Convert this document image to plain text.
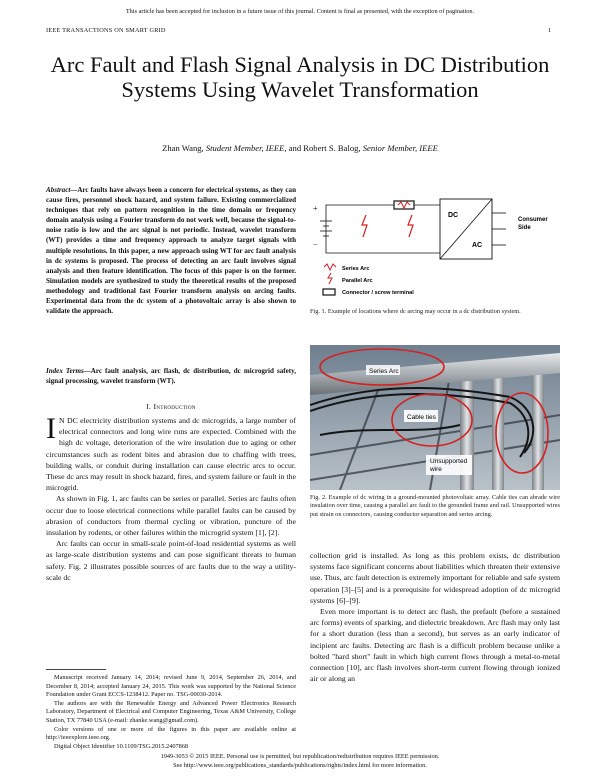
This article has been accepted for inclusion in a future issue of this journal. Content is final as presented, with the exception of pagination.
IEEE TRANSACTIONS ON SMART GRID	1
Arc Fault and Flash Signal Analysis in DC Distribution Systems Using Wavelet Transformation
Zhan Wang, Student Member, IEEE, and Robert S. Balog, Senior Member, IEEE
Abstract—Arc faults have always been a concern for electrical systems, as they can cause fires, personnel shock hazard, and system failure. Existing commercialized techniques that rely on pattern recognition in the time domain or frequency domain analysis using a Fourier transform do not work well, because the signal-to-noise ratio is low and the arc signal is not periodic. Instead, wavelet transform (WT) provides a time and frequency approach to analyze target signals with multiple resolutions. In this paper, a new approach using WT for arc fault analysis in dc systems is proposed. The process of detecting an arc fault involves signal analysis and then feature identification. The focus of this paper is on the former. Simulation models are synthesized to study the theoretical results of the proposed methodology and traditional fast Fourier transform analysis on arcing faults. Experimental data from the dc system of a photovoltaic array is also shown to validate the approach.
Index Terms—Arc fault analysis, arc flash, dc distribution, dc microgrid safety, signal processing, wavelet transform (WT).
I. Introduction

I N DC electricity distribution systems and dc microgrids, a large number of electrical connectors and long wire runs are expected. Combined with the high dc voltage, deterioration of the wire insulation due to aging or other circumstances such as rodent bites and abrasion due to chaffing with trees, building walls, or conduit during installation can cause electric arcs to occur. These dc arcs may result in shock hazard, fires, and system failure or fault in the microgrid.

As shown in Fig. 1, arc faults can be series or parallel. Series arc faults often occur due to loose electrical connections while parallel faults can be caused by abrasion of conductors from thermal cycling or vibration, puncture of the insulation by rodents, or other failures within the microgrid system [1], [2].

Arc faults can occur in small-scale point-of-load residential systems as well as large-scale distribution systems and can pose significant threats to human safety. Fig. 2 illustrates possible sources of arc faults due to the way a utility-scale dc

Manuscript received January 14, 2014; revised June 9, 2014, September 26, 2014, and December 8, 2014; accepted January 24, 2015. This work was supported by the National Science Foundation under Grant ECCS-1238412. Paper no. TSG-00030-2014.

The authors are with the Renewable Energy and Advanced Power Electronics Research Laboratory, Department of Electrical and Computer Engineering, Texas A&M University, College Station, TX 77840 USA (e-mail: zhanke.wang@gmail.com).

Color versions of one or more of the figures in this paper are available online at http://ieeexplore.ieee.org.

Digital Object Identifier 10.1109/TSG.2015.2407868

+
−
DC
AC
Consumer Side
Series Arc
Parallel Arc
Connector / screw terminal
Fig. 1. Example of locations where dc arcing may occur in a dc distribution system.
Series Arc
Cable ties
Unsupported wire
Fig. 2. Example of dc wiring in a ground-mounted photovoltaic array. Cable ties can abrade wire insulation over time, causing a parallel arc fault to the grounded frame and rail. Unsupported wires put strain on connectors, causing conductor separation and series arcing.

collection grid is installed. As long as this problem exists, dc distribution systems face significant concerns about liabilities which threaten their extensive use. Thus, arc fault detection is extremely important for reliable and safe system operation [3]–[5] and is a prerequisite for widespread adoption of dc microgrid systems [6]–[9].

Even more important is to detect arc flash, the prefault (before a sustained arc forms) events of sparking, and dielectric breakdown. Arc flash may only last for a short duration (less than a second), but serves as an early indicator of incipient arc faults. Detecting arc flash is a difficult problem because unlike a bolted "hard short" fault in which high current flows through a metal-to-metal connection [10], arc flash involves short-term current flowing through ionized air or along an

1949-3053 © 2015 IEEE. Personal use is permitted, but republication/redistribution requires IEEE permission.
See http://www.ieee.org/publications_standards/publications/rights/index.html for more information.
